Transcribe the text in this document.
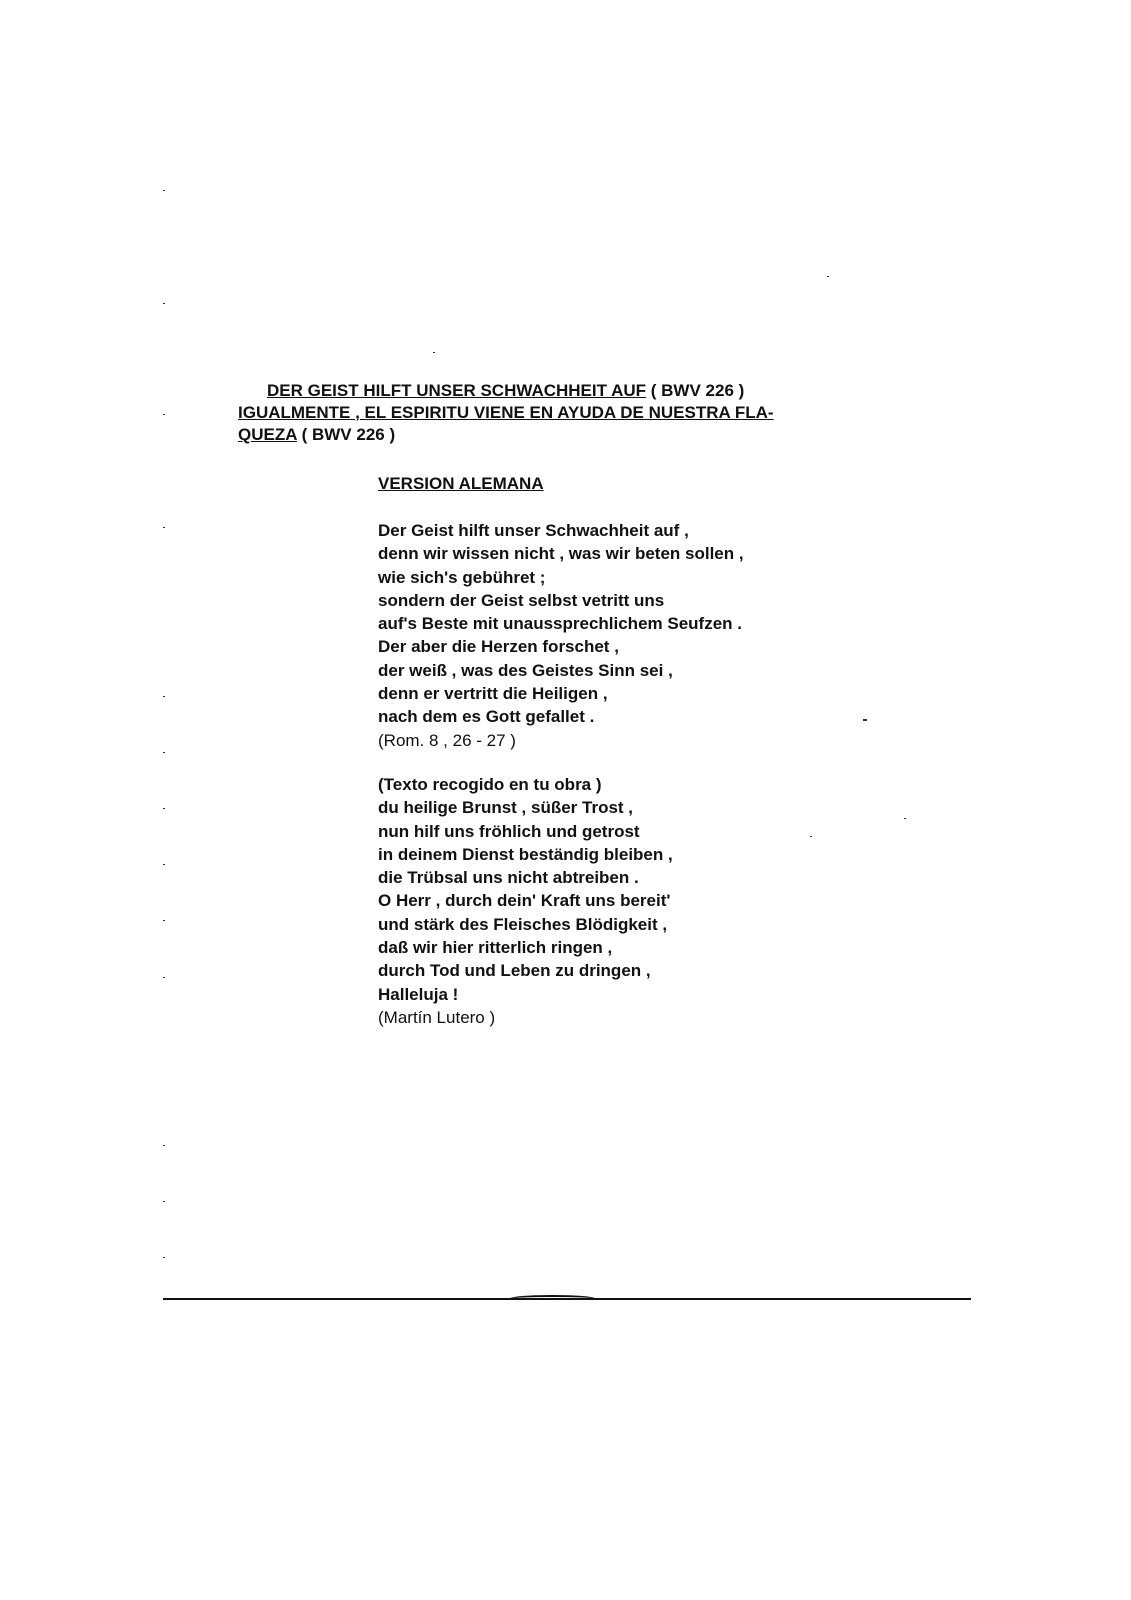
DER GEIST HILFT UNSER SCHWACHHEIT AUF ( BWV 226 )
IGUALMENTE , EL ESPIRITU VIENE EN AYUDA DE NUESTRA FLA-
QUEZA ( BWV 226 )
VERSION ALEMANA
Der Geist hilft unser Schwachheit auf ,
denn wir wissen nicht , was wir beten sollen ,
wie sich's gebühret ;
sondern der Geist selbst vetritt uns
auf's Beste mit unaussprechlichem Seufzen .
Der aber die Herzen forschet ,
der weiß , was des Geistes Sinn sei ,
denn er vertritt die Heiligen ,
nach dem es Gott gefallet .
(Rom. 8 , 26 - 27 )
(Texto recogido en tu obra )
du heilige Brunst , süßer Trost ,
nun hilf uns fröhlich und getrost
in deinem Dienst beständig bleiben ,
die Trübsal uns nicht abtreiben .
O Herr , durch dein' Kraft uns bereit'
und stärk des Fleisches Blödigkeit ,
daß wir hier ritterlich ringen ,
durch Tod und Leben zu dringen ,
Halleluja !
(Martín Lutero )
